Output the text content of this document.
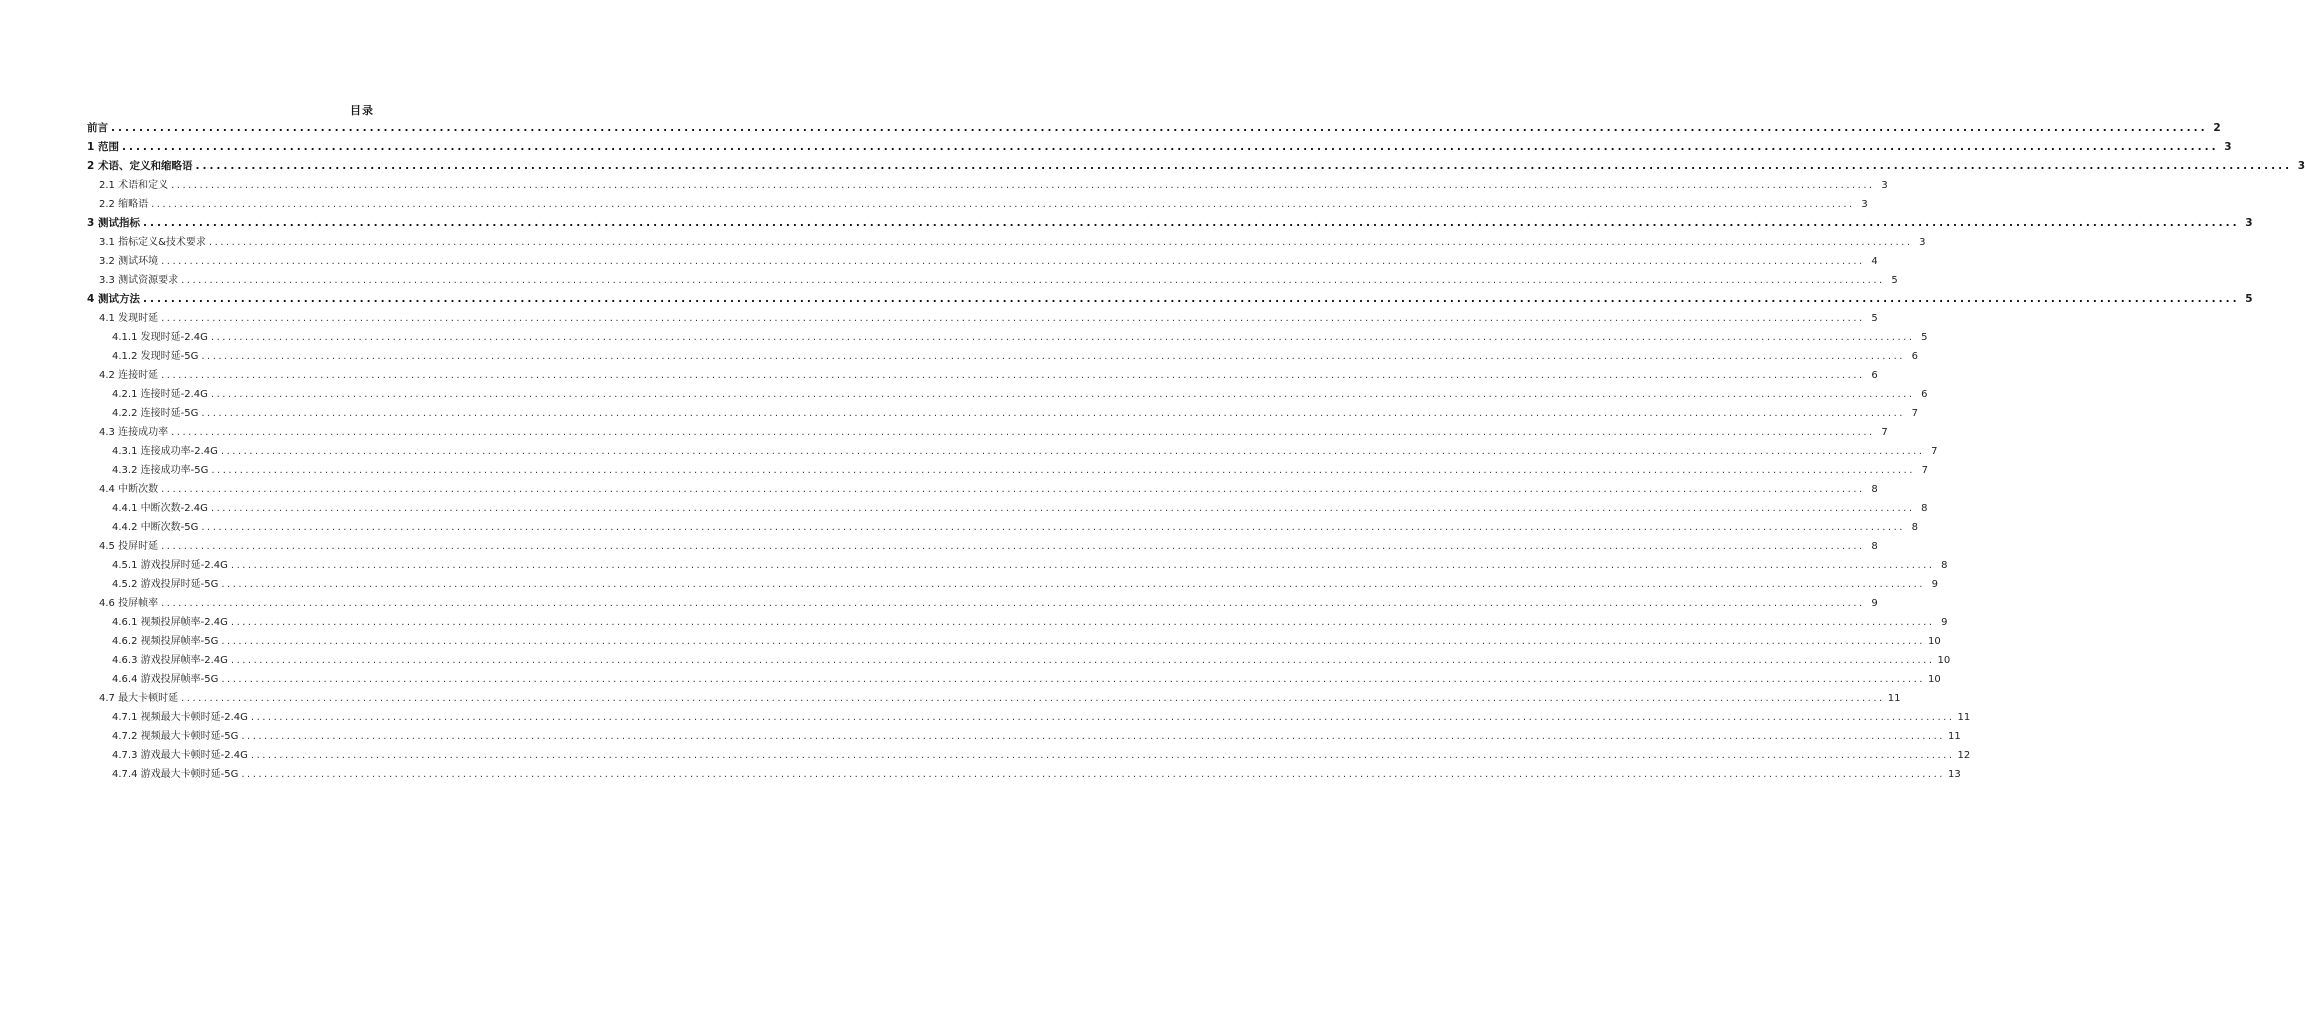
目录
前言 ............................................................................................................................................................................................................................................................................................................ 2
1 范围 ............................................................................................................................................................................................................................................................................................................ 3
2 术语、定义和缩略语 ............................................................................................................................................................................................................................................................................................................ 3
2.1 术语和定义 ............................................................................................................................................................................................................................................................................................................ 3
2.2 缩略语 ............................................................................................................................................................................................................................................................................................................ 3
3 测试指标 ............................................................................................................................................................................................................................................................................................................ 3
3.1 指标定义&技术要求 ............................................................................................................................................................................................................................................................................................................ 3
3.2 测试环境 ............................................................................................................................................................................................................................................................................................................ 4
3.3 测试资源要求 ............................................................................................................................................................................................................................................................................................................ 5
4 测试方法 ............................................................................................................................................................................................................................................................................................................ 5
4.1 发现时延 ............................................................................................................................................................................................................................................................................................................ 5
4.1.1 发现时延-2.4G ............................................................................................................................................................................................................................................................................................................ 5
4.1.2 发现时延-5G ............................................................................................................................................................................................................................................................................................................ 6
4.2 连接时延 ............................................................................................................................................................................................................................................................................................................ 6
4.2.1 连接时延-2.4G ............................................................................................................................................................................................................................................................................................................ 6
4.2.2 连接时延-5G ............................................................................................................................................................................................................................................................................................................ 7
4.3 连接成功率 ............................................................................................................................................................................................................................................................................................................ 7
4.3.1 连接成功率-2.4G ............................................................................................................................................................................................................................................................................................................ 7
4.3.2 连接成功率-5G ............................................................................................................................................................................................................................................................................................................ 7
4.4 中断次数 ............................................................................................................................................................................................................................................................................................................ 8
4.4.1 中断次数-2.4G ............................................................................................................................................................................................................................................................................................................ 8
4.4.2 中断次数-5G ............................................................................................................................................................................................................................................................................................................ 8
4.5 投屏时延 ............................................................................................................................................................................................................................................................................................................ 8
4.5.1 游戏投屏时延-2.4G ............................................................................................................................................................................................................................................................................................................ 8
4.5.2 游戏投屏时延-5G ............................................................................................................................................................................................................................................................................................................ 9
4.6 投屏帧率 ............................................................................................................................................................................................................................................................................................................ 9
4.6.1 视频投屏帧率-2.4G ............................................................................................................................................................................................................................................................................................................ 9
4.6.2 视频投屏帧率-5G ............................................................................................................................................................................................................................................................................................................ 10
4.6.3 游戏投屏帧率-2.4G ............................................................................................................................................................................................................................................................................................................ 10
4.6.4 游戏投屏帧率-5G ............................................................................................................................................................................................................................................................................................................ 10
4.7 最大卡顿时延 ............................................................................................................................................................................................................................................................................................................ 11
4.7.1 视频最大卡顿时延-2.4G ............................................................................................................................................................................................................................................................................................................ 11
4.7.2 视频最大卡顿时延-5G ............................................................................................................................................................................................................................................................................................................ 11
4.7.3 游戏最大卡顿时延-2.4G ............................................................................................................................................................................................................................................................................................................ 12
4.7.4 游戏最大卡顿时延-5G ............................................................................................................................................................................................................................................................................................................ 13
